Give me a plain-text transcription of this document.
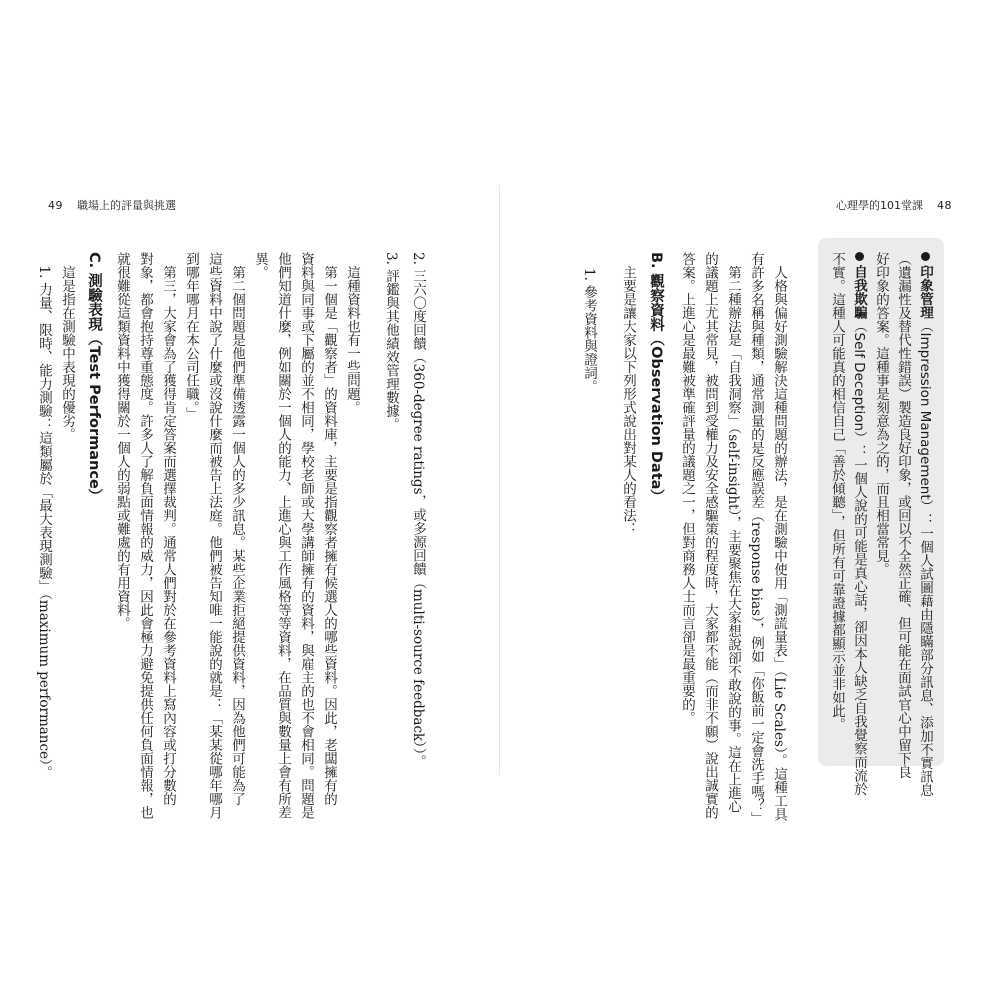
49 職場上的評量與挑選
2. 三六〇度回饋（360-degree ratings，或多源回饋（multi-source feedback））。
3. 評鑑與其他績效管理數據。
　這種資料也有一些問題。
　第一個是「觀察者」的資料庫，主要是指觀察者擁有候選人的哪些資料。因此，老闆擁有的
資料與同事或下屬的並不相同，學校老師或大學講師擁有的資料，與雇主的也不會相同。問題是
他們知道什麼，例如關於一個人的能力、上進心與工作風格等等資料，在品質與數量上會有所差
異。
　第二個問題是他們準備透露一個人的多少訊息。某些企業拒絕提供資料，因為他們可能為了
這些資料中說了什麼或沒說什麼而被告上法庭。他們被告知唯一能說的就是：「某某從哪年哪月
到哪年哪月在本公司任職。」
　第三，大家會為了獲得肯定答案而選擇裁判。通常人們對於在參考資料上寫內容或打分數的
對象，都會抱持尊重態度。許多人了解負面情報的威力，因此會極力避免提供任何負面情報，也
就很難從這類資料中獲得關於一個人的弱點或難處的有用資料。
C. 測驗表現（Test Performance）
　這是指在測驗中表現的優劣。
　1. 力量、限時、能力測驗：這類屬於「最大表現測驗」（maximum performance）。
心理學的101堂課 48
印象管理（Impression Management）：一個人試圖藉由隱瞞部分訊息、添加不實訊息
（遺漏性及替代性錯誤）製造良好印象，或回以不全然正確、但可能在面試官心中留下良
好印象的答案。這種事是刻意為之的，而且相當常見。
自我欺騙（Self Deception）：一個人說的可能是真心話，卻因本人缺乏自我覺察而流於
不實。這種人可能真的相信自己「善於傾聽」，但所有可靠證據都顯示並非如此。
　人格與偏好測驗解決這種問題的辦法，是在測驗中使用「測謊量表」（Lie Scales）。這種工具
有許多名稱與種類，通常測量的是反應誤差（response bias），例如「你飯前一定會洗手嗎？」
　第二種辦法是「自我洞察」（self-insight），主要聚焦在大家想說卻不敢說的事。這在上進心
的議題上尤其常見，被問到受權力及安全感驅策的程度時，大家都不能（而非不願）說出誠實的
答案。上進心是最難被準確評量的議題之一，但對商務人士而言卻是最重要的。
B. 觀察資料（Observation Data）
　主要是讓大家以下列形式說出對某人的看法：
1. 參考資料與證詞。
